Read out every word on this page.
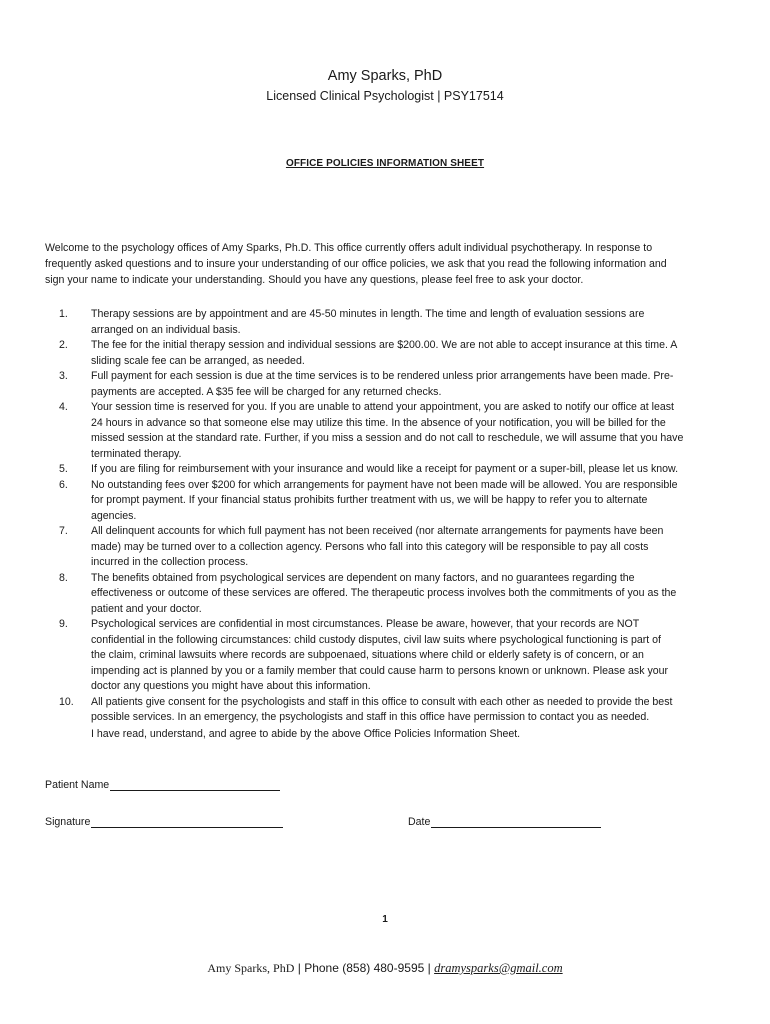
Amy Sparks, PhD
Licensed Clinical Psychologist | PSY17514
OFFICE POLICIES INFORMATION SHEET

Welcome to the psychology offices of Amy Sparks, Ph.D. This office currently offers adult individual psychotherapy. In response to
frequently asked questions and to insure your understanding of our office policies, we ask that you read the following information and
sign your name to indicate your understanding. Should you have any questions, please feel free to ask your doctor.

1. Therapy sessions are by appointment and are 45-50 minutes in length. The time and length of evaluation sessions are
arranged on an individual basis.
2. The fee for the initial therapy session and individual sessions are $200.00. We are not able to accept insurance at this time. A
sliding scale fee can be arranged, as needed.
3. Full payment for each session is due at the time services is to be rendered unless prior arrangements have been made. Pre-
payments are accepted. A $35 fee will be charged for any returned checks.
4. Your session time is reserved for you. If you are unable to attend your appointment, you are asked to notify our office at least
24 hours in advance so that someone else may utilize this time. In the absence of your notification, you will be billed for the
missed session at the standard rate. Further, if you miss a session and do not call to reschedule, we will assume that you have
terminated therapy.
5. If you are filing for reimbursement with your insurance and would like a receipt for payment or a super-bill, please let us know.
6. No outstanding fees over $200 for which arrangements for payment have not been made will be allowed. You are responsible
for prompt payment. If your financial status prohibits further treatment with us, we will be happy to refer you to alternate
agencies.
7. All delinquent accounts for which full payment has not been received (nor alternate arrangements for payments have been
made) may be turned over to a collection agency. Persons who fall into this category will be responsible to pay all costs
incurred in the collection process.
8. The benefits obtained from psychological services are dependent on many factors, and no guarantees regarding the
effectiveness or outcome of these services are offered. The therapeutic process involves both the commitments of you as the
patient and your doctor.
9. Psychological services are confidential in most circumstances. Please be aware, however, that your records are NOT
confidential in the following circumstances: child custody disputes, civil law suits where psychological functioning is part of
the claim, criminal lawsuits where records are subpoenaed, situations where child or elderly safety is of concern, or an
impending act is planned by you or a family member that could cause harm to persons known or unknown. Please ask your
doctor any questions you might have about this information.
10. All patients give consent for the psychologists and staff in this office to consult with each other as needed to provide the best
possible services. In an emergency, the psychologists and staff in this office have permission to contact you as needed.
I have read, understand, and agree to abide by the above Office Policies Information Sheet.
Patient Name
Signature	Date
1
Amy Sparks, PhD | Phone (858) 480-9595 | dramysparks@gmail.com
